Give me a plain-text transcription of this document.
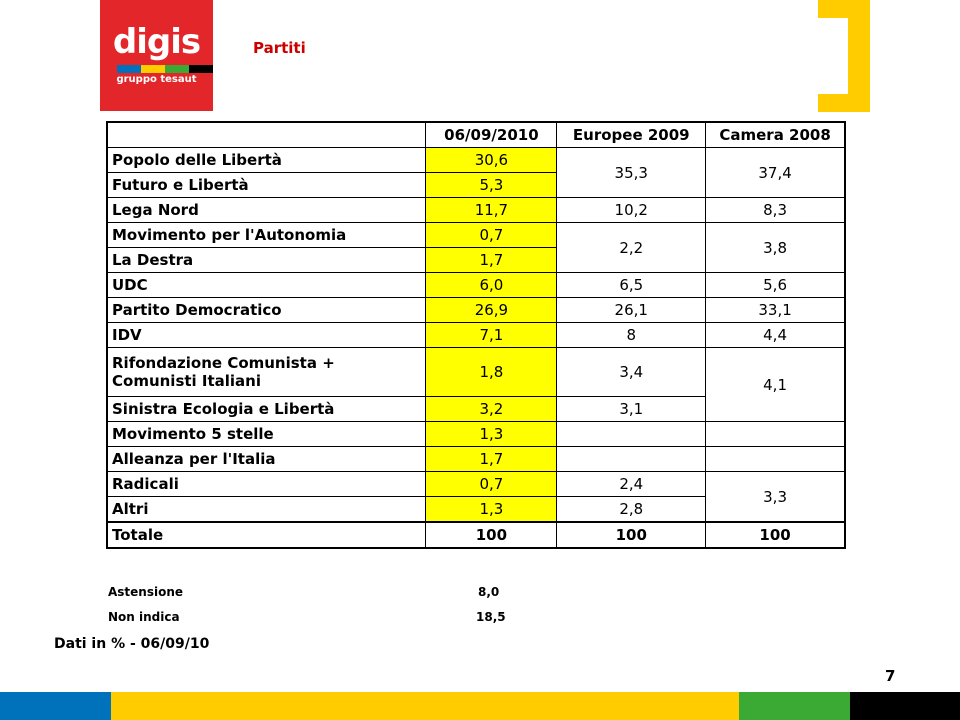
digis
gruppo tesaut
Partiti
	06/09/2010	Europee 2009	Camera 2008
Popolo delle Libertà	30,6	35,3	37,4
Futuro e Libertà	5,3		
Lega Nord	11,7	10,2	8,3
Movimento per l'Autonomia	0,7	2,2	3,8
La Destra	1,7		
UDC	6,0	6,5	5,6
Partito Democratico	26,9	26,1	33,1
IDV	7,1	8	4,4
Rifondazione Comunista + Comunisti Italiani	1,8	3,4	4,1
Sinistra Ecologia e Libertà	3,2	3,1	
Movimento 5 stelle	1,3		
Alleanza per l'Italia	1,7		
Radicali	0,7	2,4	3,3
Altri	1,3	2,8	
Totale	100	100	100
Astensione	8,0
Non indica	18,5
Dati in % - 06/09/10
7
